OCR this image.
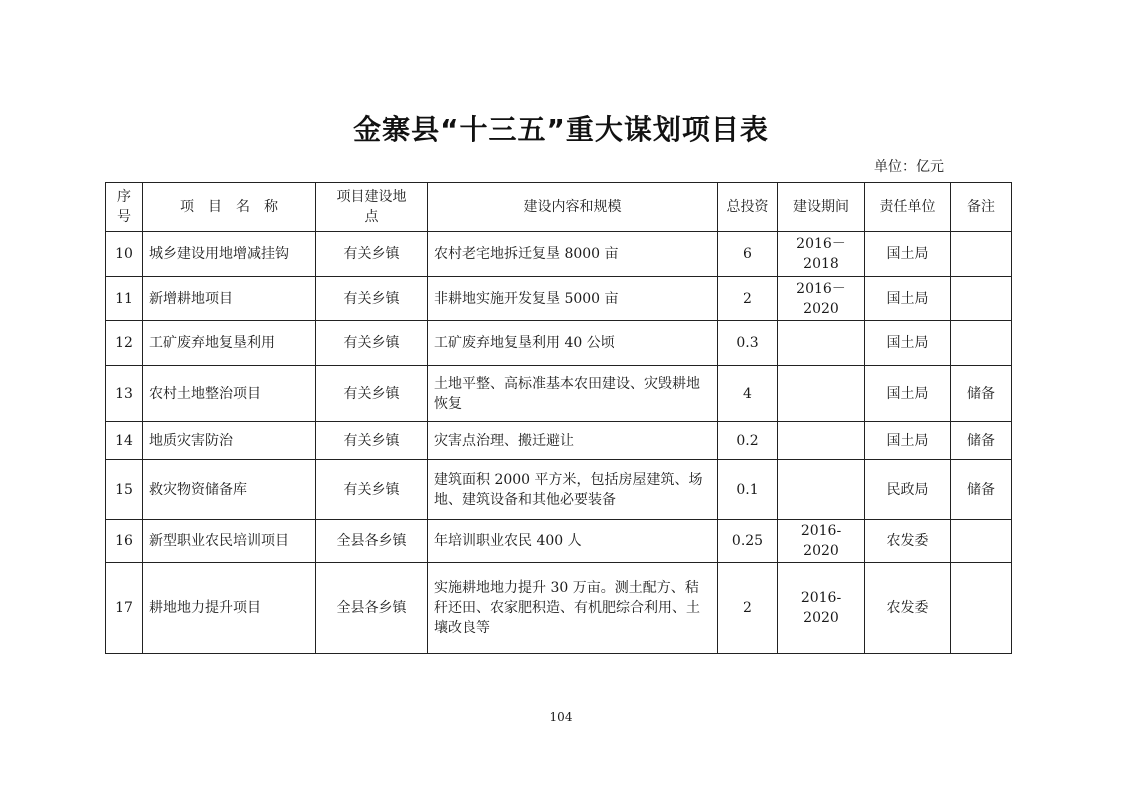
金寨县“十三五”重大谋划项目表
单位：亿元
序号	项　目　名　称	项目建设地点	建设内容和规模	总投资	建设期间	责任单位	备注
10	城乡建设用地增减挂钩	有关乡镇	农村老宅地拆迁复垦 8000 亩	6	2016－2018	国土局	
11	新增耕地项目	有关乡镇	非耕地实施开发复垦 5000 亩	2	2016－2020	国土局	
12	工矿废弃地复垦利用	有关乡镇	工矿废弃地复垦利用 40 公顷	0.3		国土局	
13	农村土地整治项目	有关乡镇	土地平整、高标准基本农田建设、灾毁耕地恢复	4		国土局	储备
14	地质灾害防治	有关乡镇	灾害点治理、搬迁避让	0.2		国土局	储备
15	救灾物资储备库	有关乡镇	建筑面积 2000 平方米，包括房屋建筑、场地、建筑设备和其他必要装备	0.1		民政局	储备
16	新型职业农民培训项目	全县各乡镇	年培训职业农民 400 人	0.25	2016-2020	农发委	
17	耕地地力提升项目	全县各乡镇	实施耕地地力提升 30 万亩。测土配方、秸秆还田、农家肥积造、有机肥综合利用、土壤改良等	2	2016-2020	农发委	
104
